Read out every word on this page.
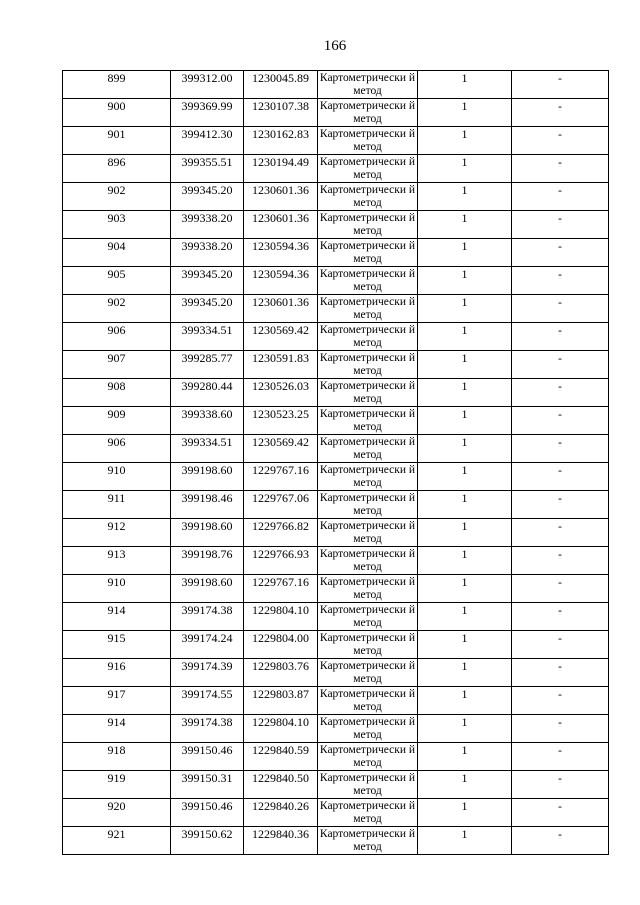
166
899	399312.00	1230045.89	Картометрически й метод	1	-
900	399369.99	1230107.38	Картометрически й метод	1	-
901	399412.30	1230162.83	Картометрически й метод	1	-
896	399355.51	1230194.49	Картометрически й метод	1	-
902	399345.20	1230601.36	Картометрически й метод	1	-
903	399338.20	1230601.36	Картометрически й метод	1	-
904	399338.20	1230594.36	Картометрически й метод	1	-
905	399345.20	1230594.36	Картометрически й метод	1	-
902	399345.20	1230601.36	Картометрически й метод	1	-
906	399334.51	1230569.42	Картометрически й метод	1	-
907	399285.77	1230591.83	Картометрически й метод	1	-
908	399280.44	1230526.03	Картометрически й метод	1	-
909	399338.60	1230523.25	Картометрически й метод	1	-
906	399334.51	1230569.42	Картометрически й метод	1	-
910	399198.60	1229767.16	Картометрически й метод	1	-
911	399198.46	1229767.06	Картометрически й метод	1	-
912	399198.60	1229766.82	Картометрически й метод	1	-
913	399198.76	1229766.93	Картометрически й метод	1	-
910	399198.60	1229767.16	Картометрически й метод	1	-
914	399174.38	1229804.10	Картометрически й метод	1	-
915	399174.24	1229804.00	Картометрически й метод	1	-
916	399174.39	1229803.76	Картометрически й метод	1	-
917	399174.55	1229803.87	Картометрически й метод	1	-
914	399174.38	1229804.10	Картометрически й метод	1	-
918	399150.46	1229840.59	Картометрически й метод	1	-
919	399150.31	1229840.50	Картометрически й метод	1	-
920	399150.46	1229840.26	Картометрически й метод	1	-
921	399150.62	1229840.36	Картометрически й метод	1	-
